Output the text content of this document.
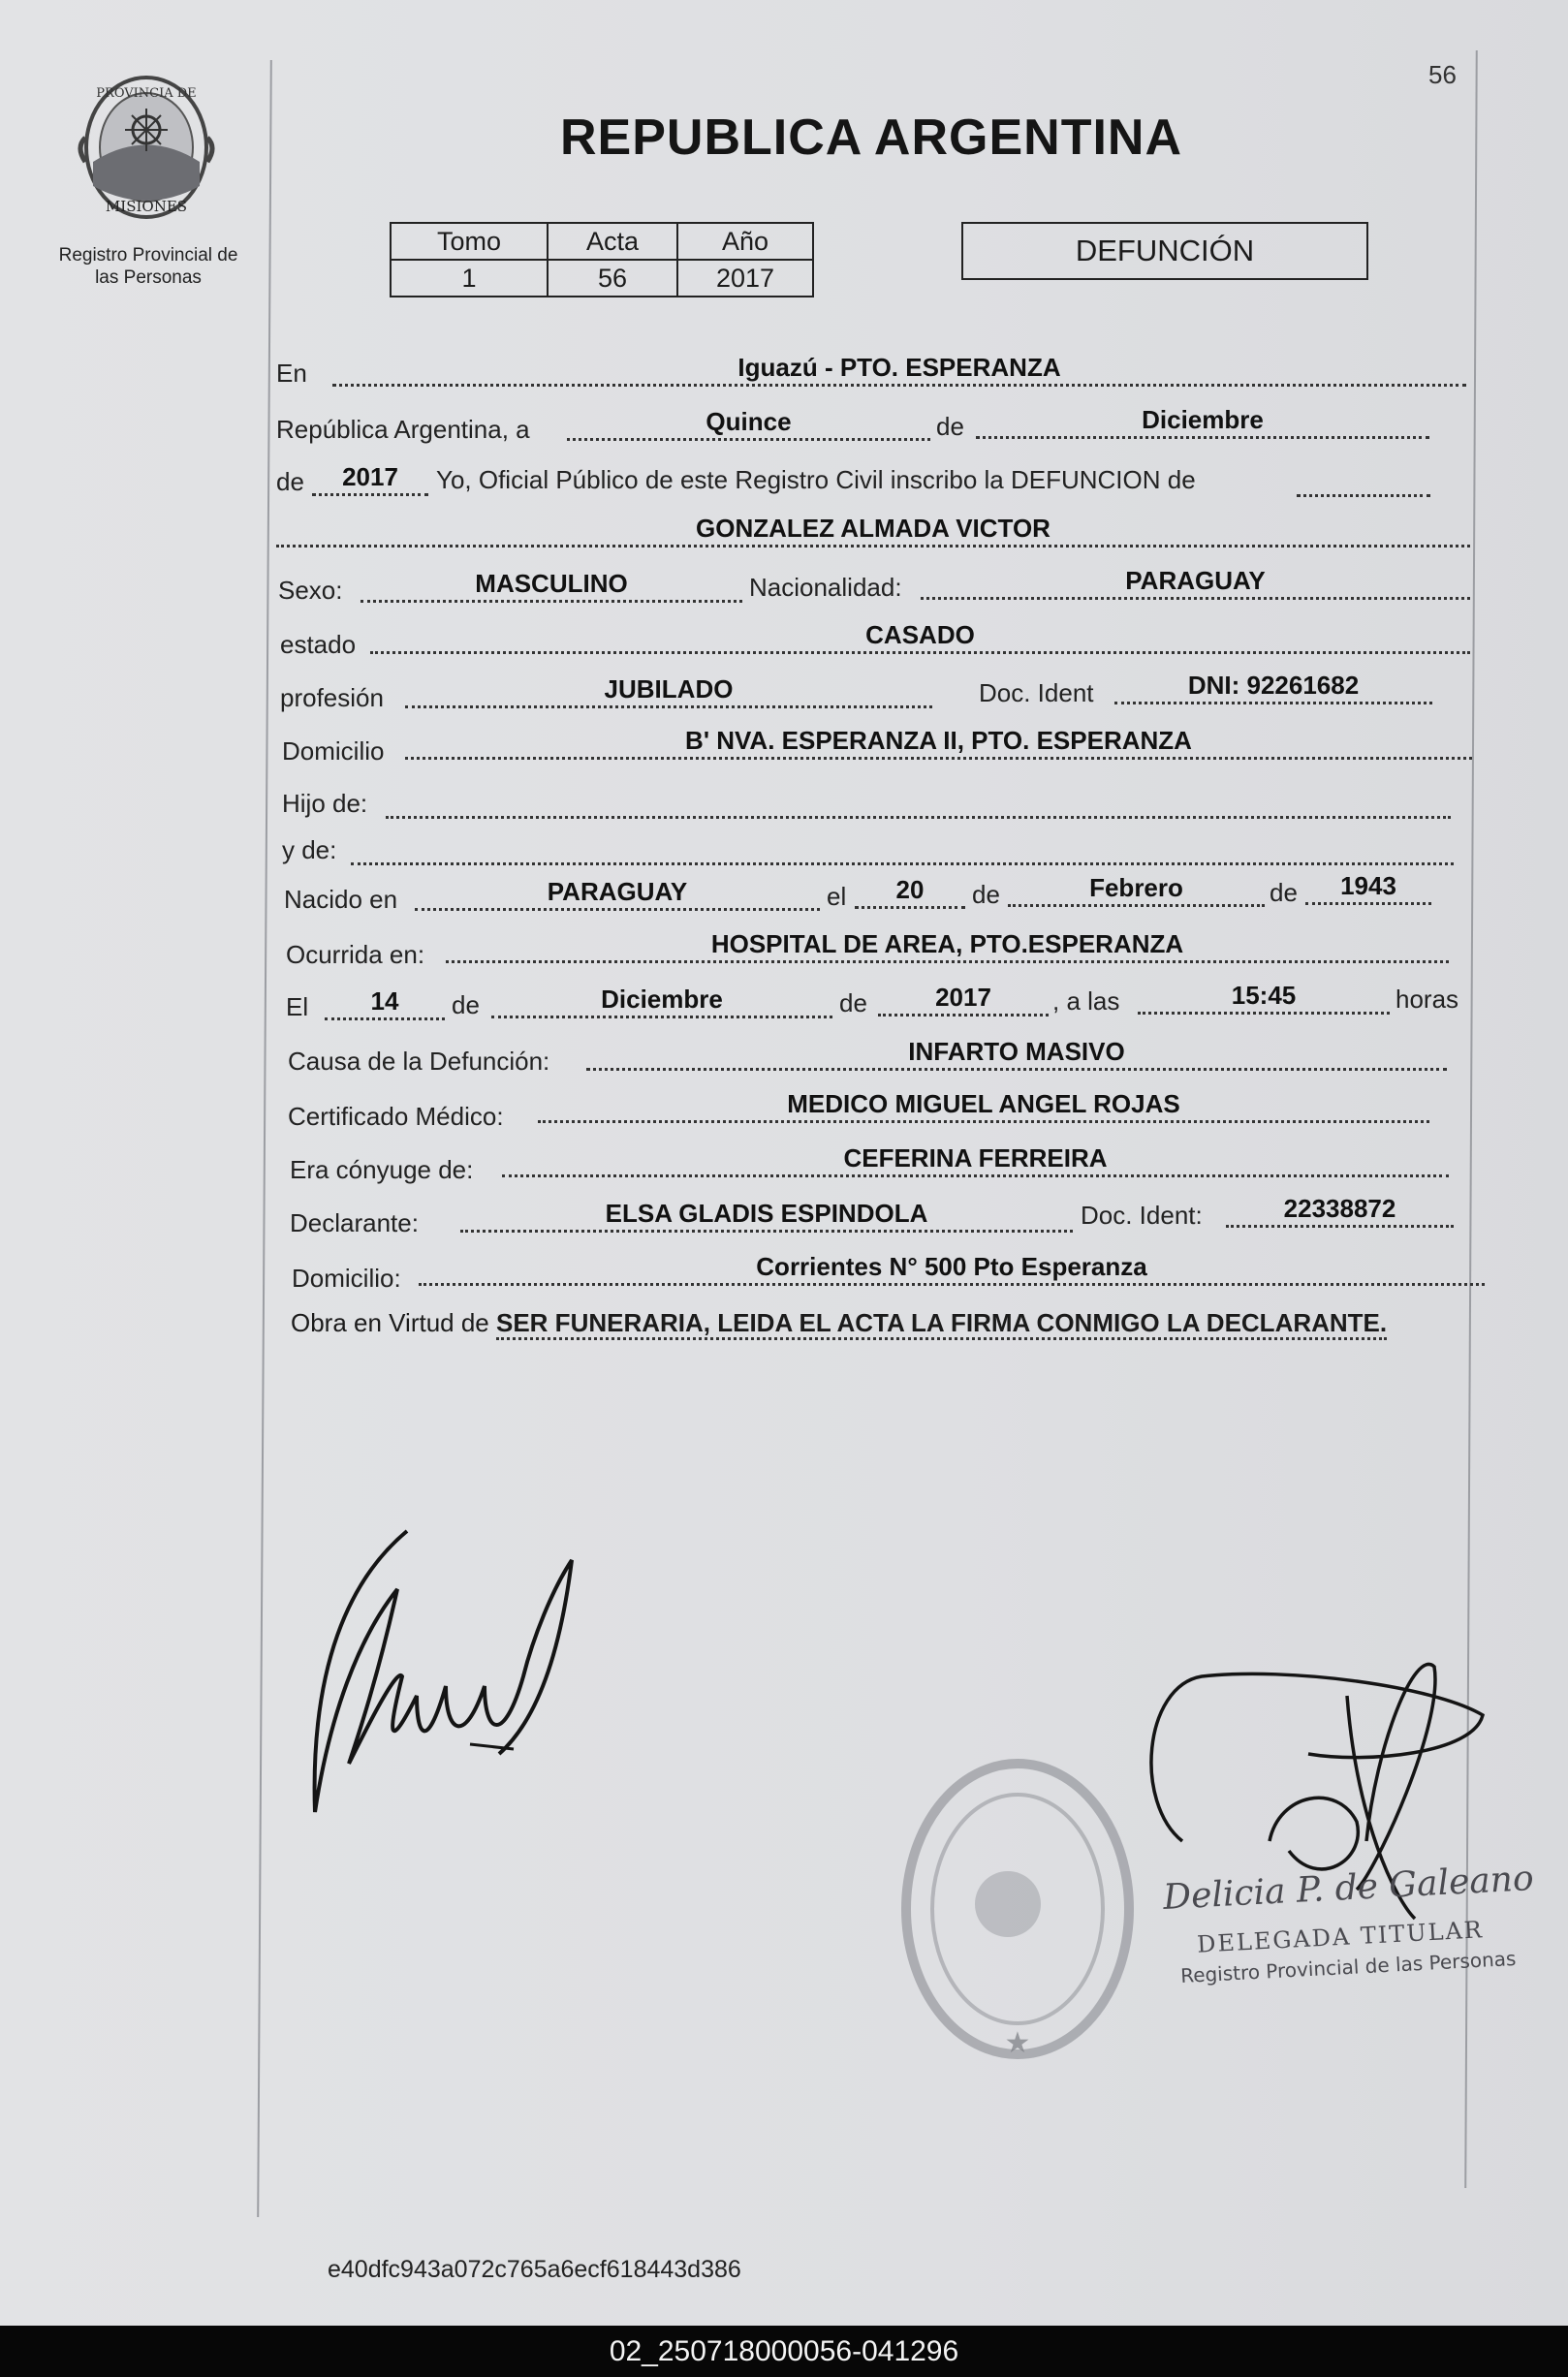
56
PROVINCIA DE
MISIONES
Registro Provincial de
las Personas
REPUBLICA ARGENTINA
Tomo	Acta	Año
1	56	2017
DEFUNCIÓN
En	Iguazú - PTO. ESPERANZA
República Argentina, a	Quince	de	Diciembre
de	2017	Yo, Oficial Público de este Registro Civil inscribo la DEFUNCION de
GONZALEZ ALMADA VICTOR
Sexo:	MASCULINO	Nacionalidad:	PARAGUAY
estado	CASADO
profesión	JUBILADO	Doc. Ident	DNI: 92261682
Domicilio	B' NVA. ESPERANZA II, PTO. ESPERANZA
Hijo de:
y de:
Nacido en	PARAGUAY	el	20	de	Febrero	de	1943
Ocurrida en:	HOSPITAL DE AREA, PTO.ESPERANZA
El	14	de	Diciembre	de	2017	, a las	15:45	horas
Causa de la Defunción:	INFARTO MASIVO
Certificado Médico:	MEDICO MIGUEL ANGEL ROJAS
Era cónyuge de:	CEFERINA FERREIRA
Declarante:	ELSA GLADIS ESPINDOLA	Doc. Ident:	22338872
Domicilio:	Corrientes N° 500 Pto Esperanza
Obra en Virtud de SER FUNERARIA, LEIDA EL ACTA LA FIRMA CONMIGO LA DECLARANTE.
★
Delicia P. de Galeano
DELEGADA TITULAR
Registro Provincial de las Personas
e40dfc943a072c765a6ecf618443d386
02_250718000056-041296
